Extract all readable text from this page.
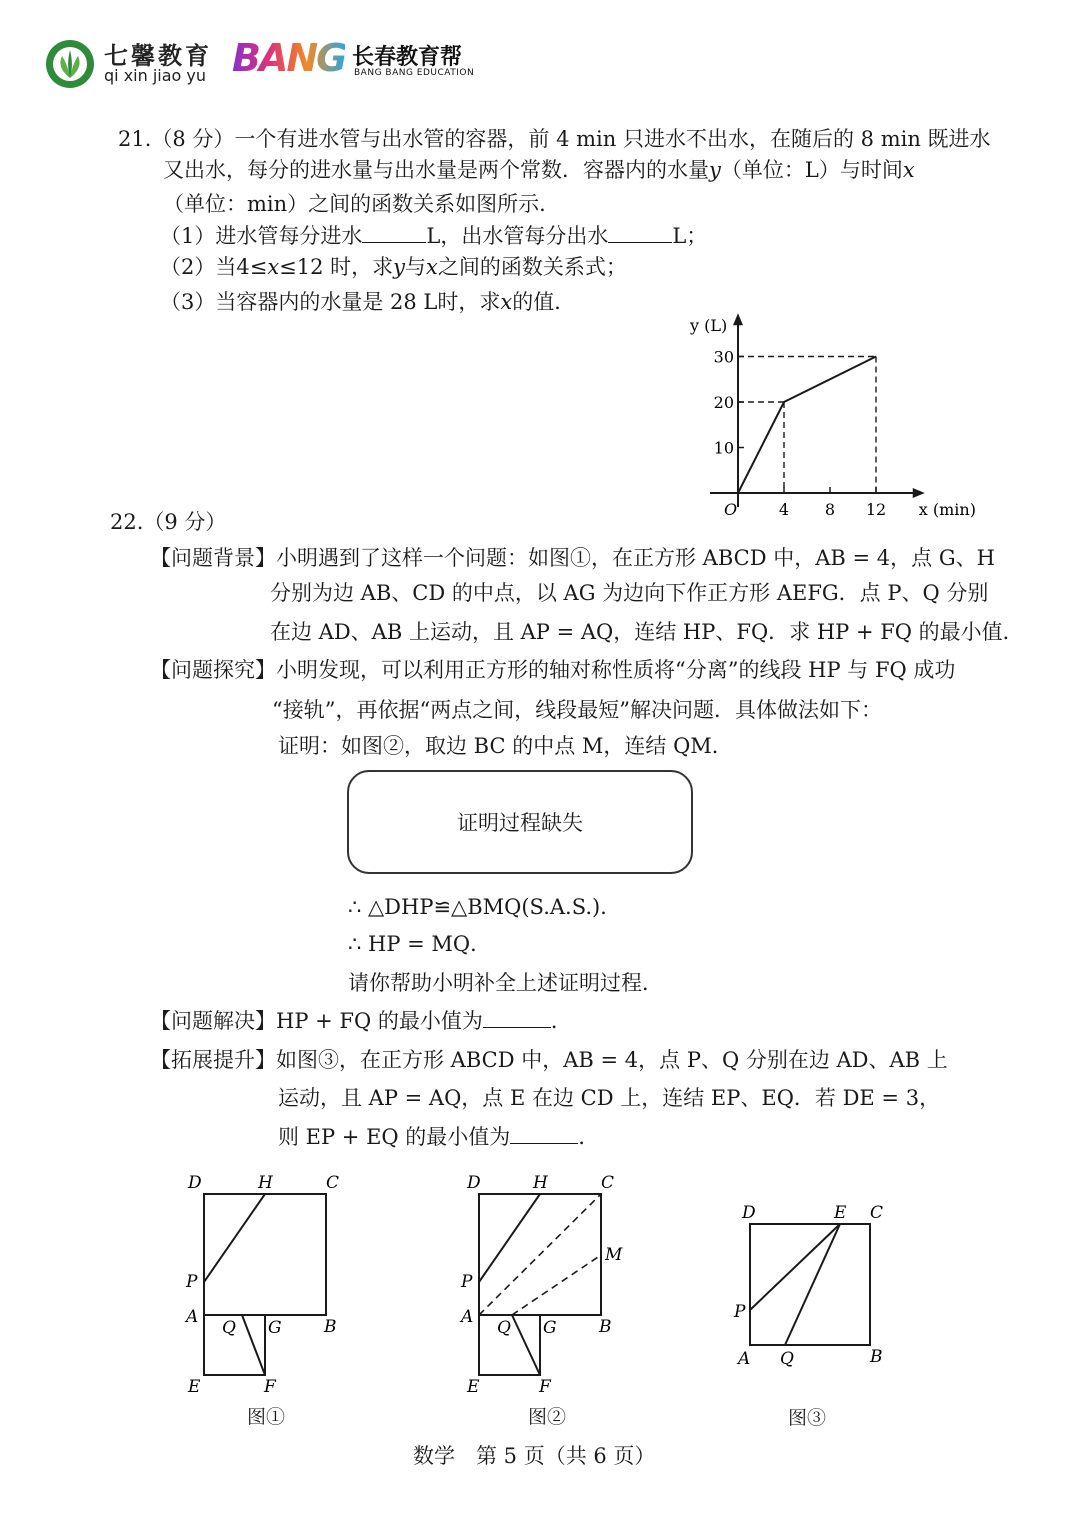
七馨教育
qi xin jiao yu BANG 长春教育帮
BANG BANG EDUCATION
21.（8 分）一个有进水管与出水管的容器，前 4 min 只进水不出水，在随后的 8 min 既进水
又出水，每分的进水量与出水量是两个常数．容器内的水量y（单位：L）与时间x
（单位：min）之间的函数关系如图所示．
（1）进水管每分进水	L，出水管每分出水	L；
（2）当4≤x≤12 时，求y与x之间的函数关系式；
（3）当容器内的水量是 28 L时，求x的值．
4 8 12
10
20
30
O	x (min)
y (L)
22.（9 分）
【问题背景】小明遇到了这样一个问题：如图①，在正方形 ABCD 中，AB = 4，点 G、H
分别为边 AB、CD 的中点，以 AG 为边向下作正方形 AEFG．点 P、Q 分别
在边 AD、AB 上运动，且 AP = AQ，连结 HP、FQ．求 HP + FQ 的最小值．
【问题探究】小明发现，可以利用正方形的轴对称性质将“分离”的线段 HP 与 FQ 成功
“接轨”，再依据“两点之间，线段最短”解决问题．具体做法如下：
证明：如图②，取边 BC 的中点 M，连结 QM．
证明过程缺失
∴ △DHP≌△BMQ(S.A.S.)．
∴ HP = MQ．
请你帮助小明补全上述证明过程．
【问题解决】HP + FQ 的最小值为	．
【拓展提升】如图③，在正方形 ABCD 中，AB = 4，点 P、Q 分别在边 AD、AB 上
运动，且 AP = AQ，点 E 在边 CD 上，连结 EP、EQ．若 DE = 3，
则 EP + EQ 的最小值为	．
D	H	C
P
A
Q G B
E	F
图①
D	H	C
M
P
A
Q G B
E	F
图②
D	E C
P
A Q	B
图③
数学　第 5 页（共 6 页）
